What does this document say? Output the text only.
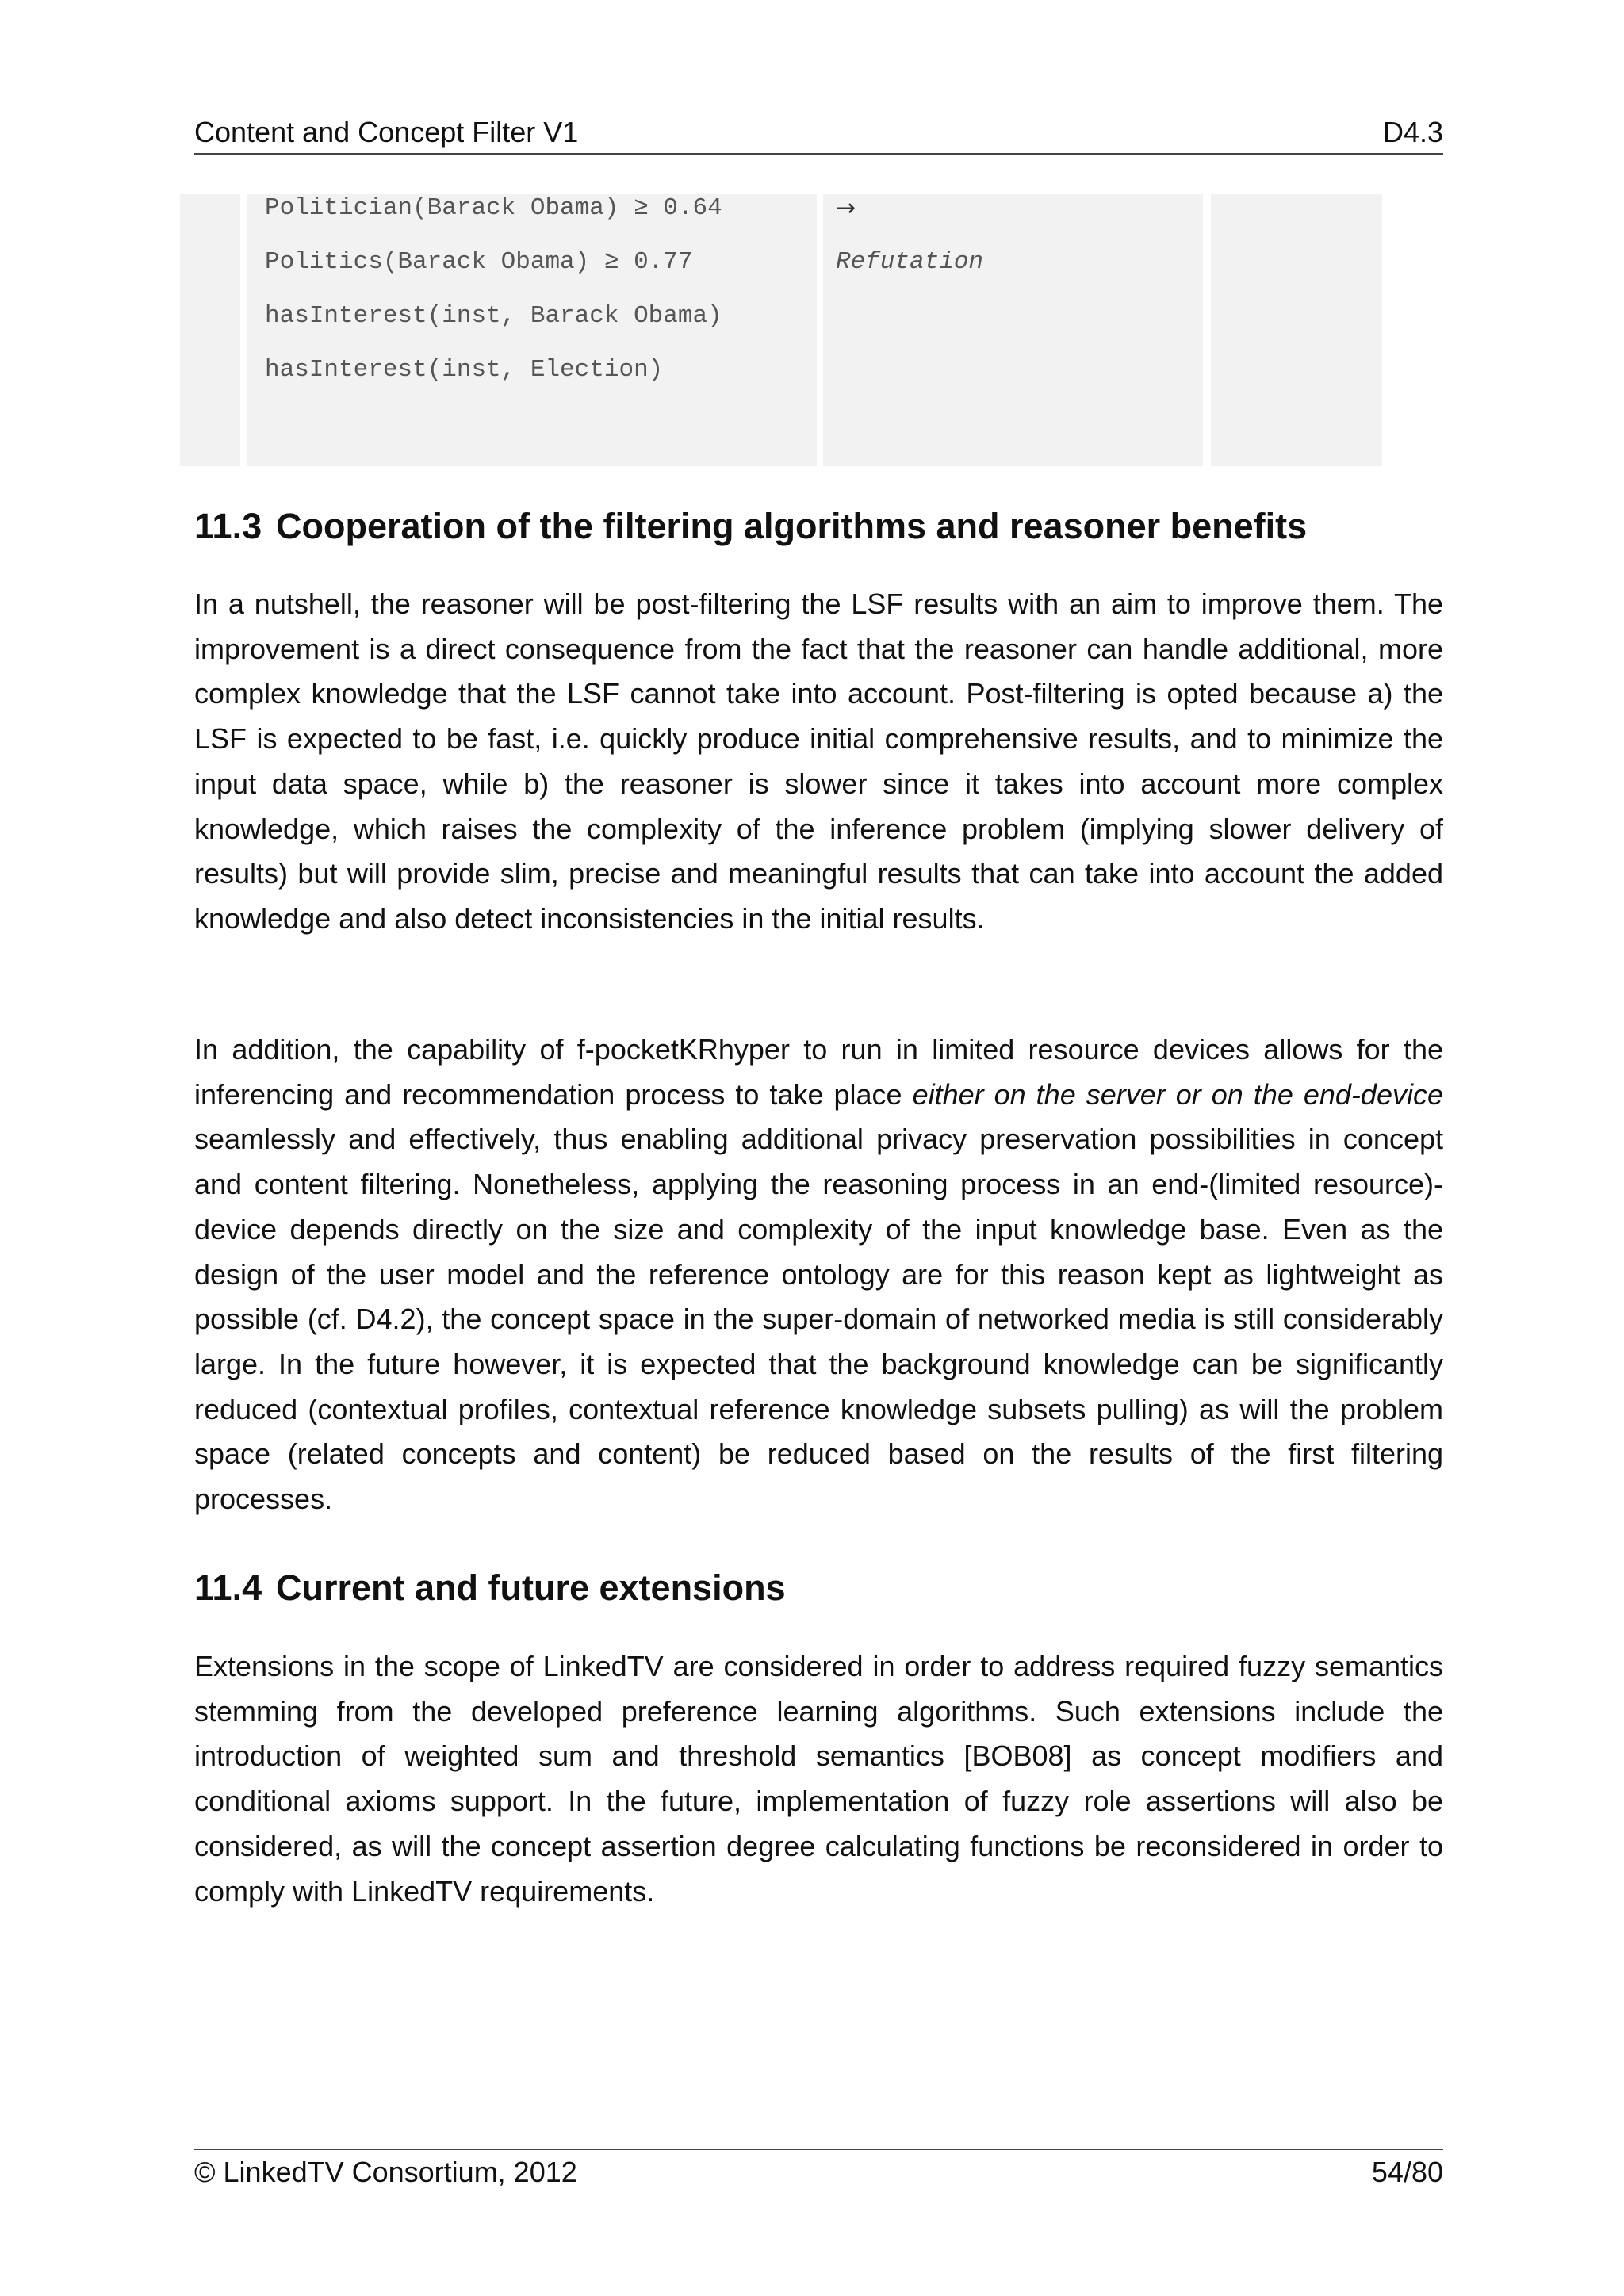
Content and Concept Filter V1	D4.3
Politician(Barack Obama) ≥ 0.64
Politics(Barack Obama) ≥ 0.77
hasInterest(inst, Barack Obama)
hasInterest(inst, Election)
→
Refutation
11.3 Cooperation of the filtering algorithms and reasoner benefits

In a nutshell, the reasoner will be post-filtering the LSF results with an aim to improve them. The improvement is a direct consequence from the fact that the reasoner can handle additional, more complex knowledge that the LSF cannot take into account. Post-filtering is opted because a) the LSF is expected to be fast, i.e. quickly produce initial comprehensive results, and to minimize the input data space, while b) the reasoner is slower since it takes into account more complex knowledge, which raises the complexity of the inference problem (implying slower delivery of results) but will provide slim, precise and meaningful results that can take into account the added knowledge and also detect inconsistencies in the initial results.

In addition, the capability of f-pocketKRhyper to run in limited resource devices allows for the inferencing and recommendation process to take place either on the server or on the end-device seamlessly and effectively, thus enabling additional privacy preservation possibilities in concept and content filtering. Nonetheless, applying the reasoning process in an end-(limited resource)-device depends directly on the size and complexity of the input knowledge base. Even as the design of the user model and the reference ontology are for this reason kept as lightweight as possible (cf. D4.2), the concept space in the super-domain of networked media is still considerably large. In the future however, it is expected that the background knowledge can be significantly reduced (contextual profiles, contextual reference knowledge subsets pulling) as will the problem space (related concepts and content) be reduced based on the results of the first filtering processes.

11.4 Current and future extensions

Extensions in the scope of LinkedTV are considered in order to address required fuzzy semantics stemming from the developed preference learning algorithms. Such extensions include the introduction of weighted sum and threshold semantics [BOB08] as concept modifiers and conditional axioms support. In the future, implementation of fuzzy role assertions will also be considered, as will the concept assertion degree calculating functions be reconsidered in order to comply with LinkedTV requirements.

© LinkedTV Consortium, 2012	54/80
